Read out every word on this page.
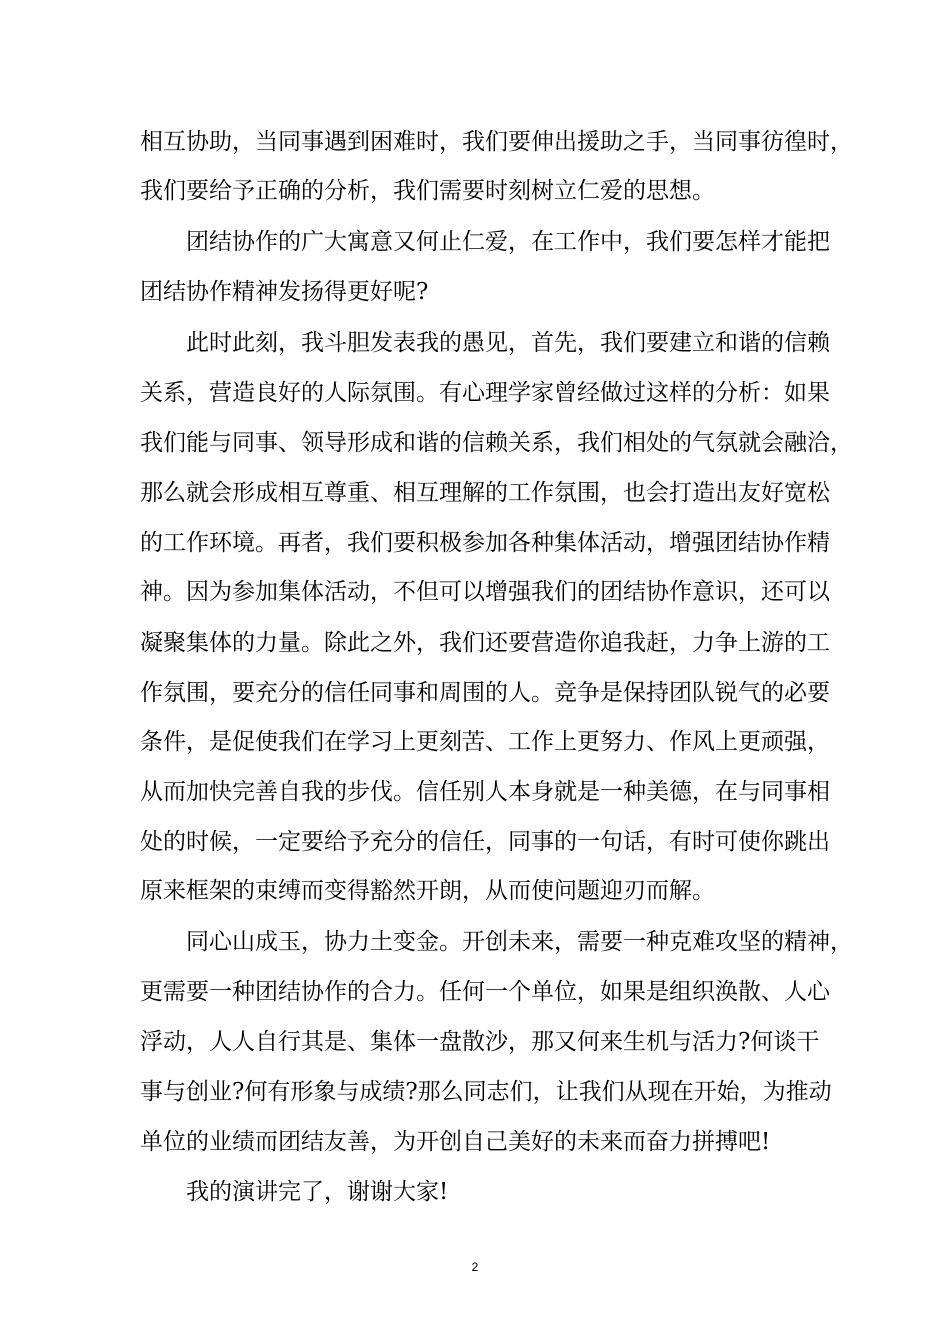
相互协助，当同事遇到困难时，我们要伸出援助之手，当同事彷徨时，
我们要给予正确的分析，我们需要时刻树立仁爱的思想。
团结协作的广大寓意又何止仁爱，在工作中，我们要怎样才能把
团结协作精神发扬得更好呢?
此时此刻，我斗胆发表我的愚见，首先，我们要建立和谐的信赖
关系，营造良好的人际氛围。有心理学家曾经做过这样的分析：如果
我们能与同事、领导形成和谐的信赖关系，我们相处的气氛就会融洽，
那么就会形成相互尊重、相互理解的工作氛围，也会打造出友好宽松
的工作环境。再者，我们要积极参加各种集体活动，增强团结协作精
神。因为参加集体活动，不但可以增强我们的团结协作意识，还可以
凝聚集体的力量。除此之外，我们还要营造你追我赶，力争上游的工
作氛围，要充分的信任同事和周围的人。竞争是保持团队锐气的必要
条件，是促使我们在学习上更刻苦、工作上更努力、作风上更顽强，
从而加快完善自我的步伐。信任别人本身就是一种美德，在与同事相
处的时候，一定要给予充分的信任，同事的一句话，有时可使你跳出
原来框架的束缚而变得豁然开朗，从而使问题迎刃而解。
同心山成玉，协力土变金。开创未来，需要一种克难攻坚的精神，
更需要一种团结协作的合力。任何一个单位，如果是组织涣散、人心
浮动，人人自行其是、集体一盘散沙，那又何来生机与活力?何谈干
事与创业?何有形象与成绩?那么同志们，让我们从现在开始，为推动
单位的业绩而团结友善，为开创自己美好的未来而奋力拼搏吧!
我的演讲完了，谢谢大家!
2
